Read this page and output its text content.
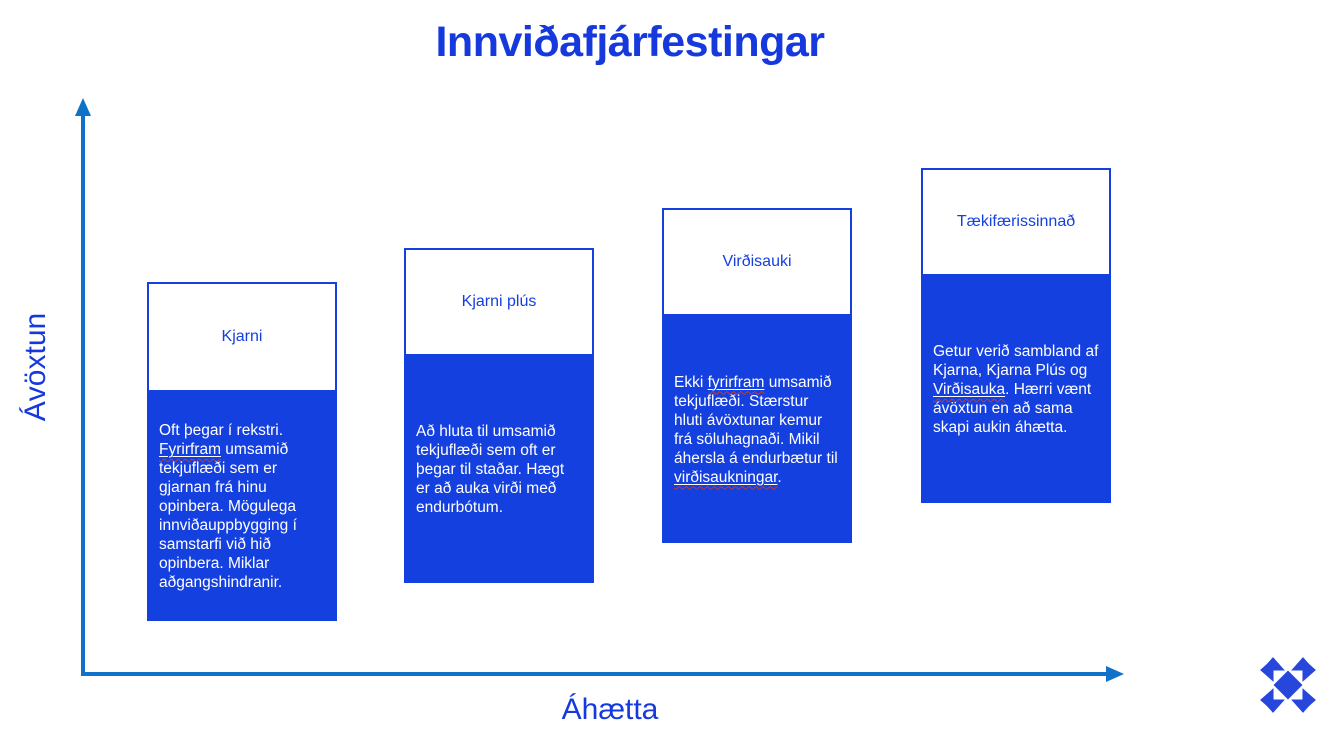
Innviðafjárfestingar
Ávöxtun
Áhætta
Kjarni
Oft þegar í rekstri. Fyrirfram umsamið tekjuflæði sem er gjarnan frá hinu opinbera. Mögulega innviðauppbygging í samstarfi við hið opinbera. Miklar aðgangshindranir.
Kjarni plús
Að hluta til umsamið tekjuflæði sem oft er þegar til staðar. Hægt er að auka virði með endurbótum.
Virðisauki
Ekki fyrirfram umsamið tekjuflæði. Stærstur hluti ávöxtunar kemur frá söluhagnaði. Mikil áhersla á endurbætur til virðisaukningar.
Tækifærissinnað
Getur verið sambland af Kjarna, Kjarna Plús og Virðisauka. Hærri vænt ávöxtun en að sama skapi aukin áhætta.
